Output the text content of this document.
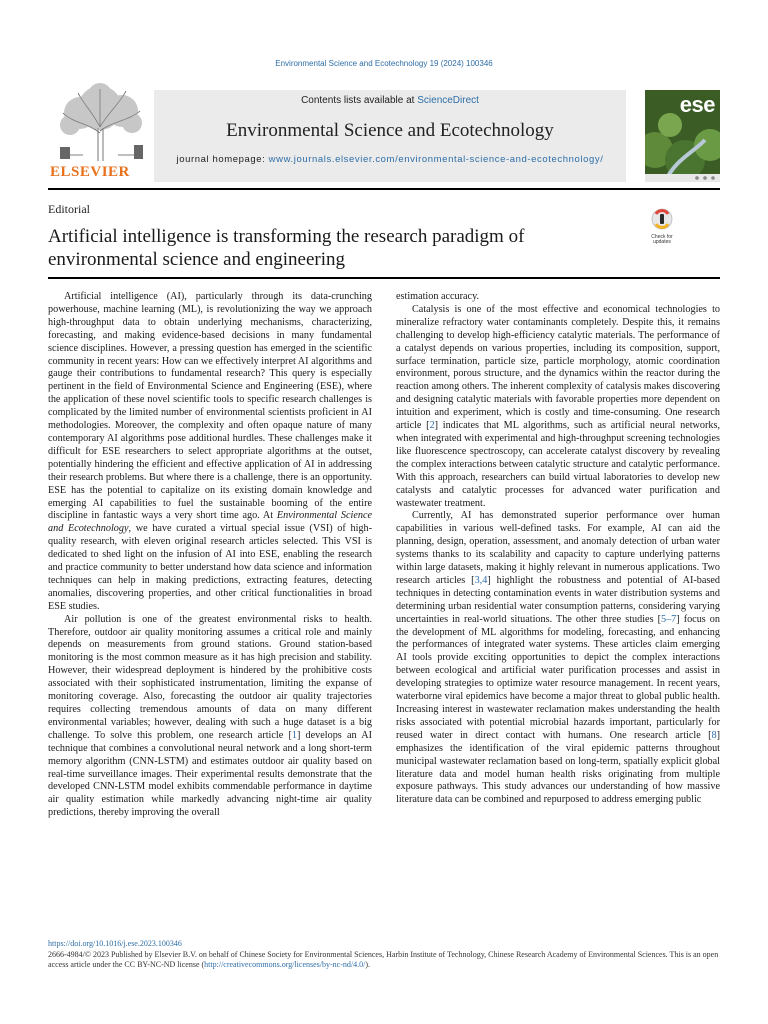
Environmental Science and Ecotechnology 19 (2024) 100346
ELSEVIER
Contents lists available at ScienceDirect
Environmental Science and Ecotechnology
journal homepage: www.journals.elsevier.com/environmental-science-and-ecotechnology/
ese
Editorial
Artificial intelligence is transforming the research paradigm of environmental science and engineering
Check for
updates

Artificial intelligence (AI), particularly through its data-crunching powerhouse, machine learning (ML), is revolutionizing the way we approach high-throughput data to obtain underlying mechanisms, characterizing, forecasting, and making evidence-based decisions in many fundamental science disciplines. However, a pressing question has emerged in the scientific community in recent years: How can we effectively interpret AI algorithms and gauge their contributions to fundamental research? This query is especially pertinent in the field of Environmental Science and Engineering (ESE), where the application of these novel scientific tools to specific research challenges is complicated by the limited number of environmental scientists proficient in AI methodologies. Moreover, the complexity and often opaque nature of many contemporary AI algorithms pose additional hurdles. These challenges make it difficult for ESE researchers to select appropriate algorithms at the outset, potentially hindering the efficient and effective application of AI in addressing their research problems. But where there is a challenge, there is an opportunity. ESE has the potential to capitalize on its existing domain knowledge and emerging AI capabilities to fuel the sustainable booming of the entire discipline in fantastic ways a very short time ago. At Environmental Science and Ecotechnology, we have curated a virtual special issue (VSI) of high-quality research, with eleven original research articles selected. This VSI is dedicated to shed light on the infusion of AI into ESE, enabling the research and practice community to better understand how data science and information techniques can help in making predictions, extracting features, detecting anomalies, discovering properties, and other critical functionalities in broad ESE studies.

Air pollution is one of the greatest environmental risks to health. Therefore, outdoor air quality monitoring assumes a critical role and mainly depends on measurements from ground stations. Ground station-based monitoring is the most common measure as it has high precision and stability. However, their widespread deployment is hindered by the prohibitive costs associated with their sophisticated instrumentation, limiting the expanse of monitoring coverage. Also, forecasting the outdoor air quality trajectories requires collecting tremendous amounts of data on many different environmental variables; however, dealing with such a huge dataset is a big challenge. To solve this problem, one research article [1] develops an AI technique that combines a convolutional neural network and a long short-term memory algorithm (CNN-LSTM) and estimates outdoor air quality based on real-time surveillance images. Their experimental results demonstrate that the developed CNN-LSTM model exhibits commendable performance in daytime air quality estimation while markedly advancing night-time air quality predictions, thereby improving the overall

estimation accuracy.

Catalysis is one of the most effective and economical technologies to mineralize refractory water contaminants completely. Despite this, it remains challenging to develop high-efficiency catalytic materials. The performance of a catalyst depends on various properties, including its composition, support, surface termination, particle size, particle morphology, atomic coordination environment, porous structure, and the dynamics within the reactor during the reaction among others. The inherent complexity of catalysis makes discovering and designing catalytic materials with favorable properties more dependent on intuition and experiment, which is costly and time-consuming. One research article [2] indicates that ML algorithms, such as artificial neural networks, when integrated with experimental and high-throughput screening technologies like fluorescence spectroscopy, can accelerate catalyst discovery by revealing the complex interactions between catalytic structure and catalytic performance. With this approach, researchers can build virtual laboratories to develop new catalysts and catalytic processes for advanced water purification and wastewater treatment.

Currently, AI has demonstrated superior performance over human capabilities in various well-defined tasks. For example, AI can aid the planning, design, operation, assessment, and anomaly detection of urban water systems thanks to its scalability and capacity to capture underlying patterns within large datasets, making it highly relevant in numerous applications. Two research articles [3,4] highlight the robustness and potential of AI-based techniques in detecting contamination events in water distribution systems and determining urban residential water consumption patterns, considering varying uncertainties in real-world situations. The other three studies [5–7] focus on the development of ML algorithms for modeling, forecasting, and enhancing the performances of integrated water systems. These articles claim emerging AI tools provide exciting opportunities to depict the complex interactions between ecological and artificial water purification processes and assist in developing strategies to optimize water resource management. In recent years, waterborne viral epidemics have become a major threat to global public health. Increasing interest in wastewater reclamation makes understanding the health risks associated with potential microbial hazards important, particularly for reused water in direct contact with humans. One research article [8] emphasizes the identification of the viral epidemic patterns throughout municipal wastewater reclamation based on long-term, spatially explicit global literature data and model human health risks originating from multiple exposure pathways. This study advances our understanding of how massive literature data can be combined and repurposed to address emerging public

https://doi.org/10.1016/j.ese.2023.100346
2666-4984/© 2023 Published by Elsevier B.V. on behalf of Chinese Society for Environmental Sciences, Harbin Institute of Technology, Chinese Research Academy of Environmental Sciences. This is an open access article under the CC BY-NC-ND license (http://creativecommons.org/licenses/by-nc-nd/4.0/).
